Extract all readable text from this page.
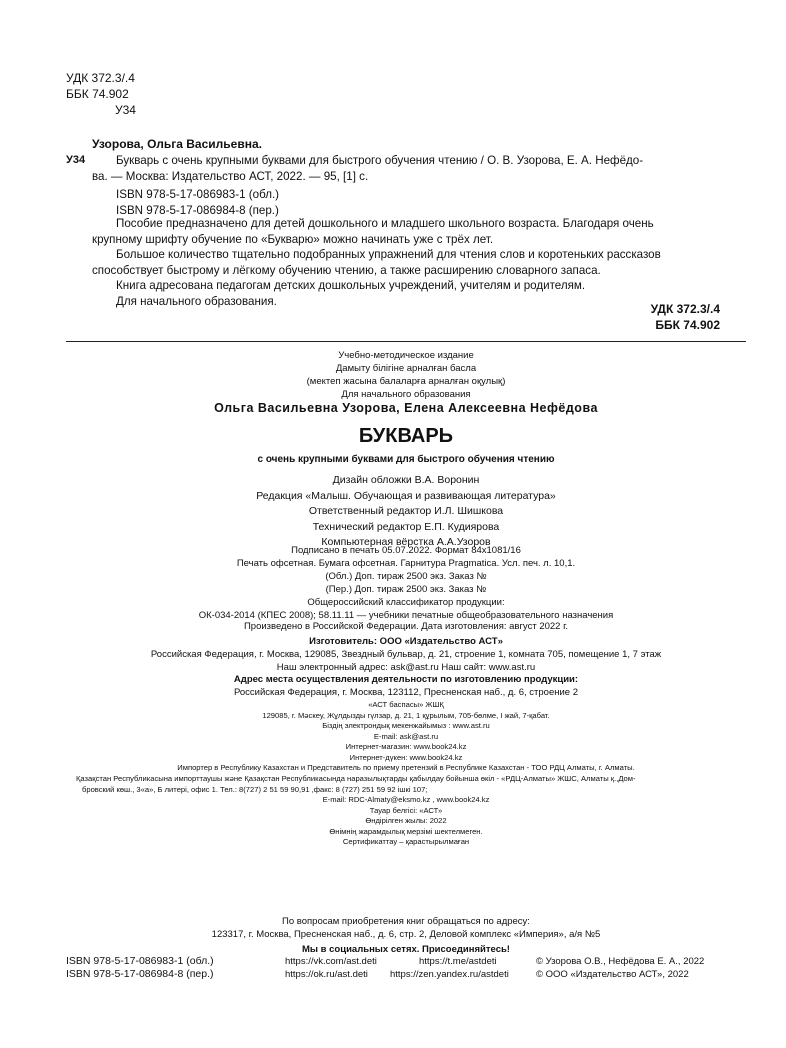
УДК 372.3/.4
ББК 74.902
У34
У34
Узорова, Ольга Васильевна.
Букварь с очень крупными буквами для быстрого обучения чтению / О. В. Узорова, Е. А. Нефёдо-
ва. — Москва: Издательство АСТ, 2022. — 95, [1] с.
ISBN 978-5-17-086983-1 (обл.)
ISBN 978-5-17-086984-8 (пер.)
Пособие предназначено для детей дошкольного и младшего школьного возраста. Благодаря очень
крупному шрифту обучение по «Букварю» можно начинать уже с трёх лет.
Большое количество тщательно подобранных упражнений для чтения слов и коротеньких рассказов
способствует быстрому и лёгкому обучению чтению, а также расширению словарного запаса.
Книга адресована педагогам детских дошкольных учреждений, учителям и родителям.
Для начального образования.
УДК 372.3/.4
ББК 74.902
Учебно-методическое издание
Дамыту білігіне арналған басла
(мектеп жасына балаларға арналған оқулық)
Для начального образования
Ольга Васильевна Узорова, Елена Алексеевна Нефёдова
БУКВАРЬ
с очень крупными буквами для быстрого обучения чтению
Дизайн обложки В.А. Воронин
Редакция «Малыш. Обучающая и развивающая литература»
Ответственный редактор И.Л. Шишкова
Технический редактор Е.П. Кудиярова
Компьютерная вёрстка А.А.Узоров
Подписано в печать 05.07.2022. Формат 84х1081/16
Печать офсетная. Бумага офсетная. Гарнитура Pragmatica. Усл. печ. л. 10,1.
(Обл.) Доп. тираж 2500 экз. Заказ №
(Пер.) Доп. тираж 2500 экз. Заказ №
Общероссийский классификатор продукции:
ОК-034-2014 (КПЕС 2008); 58.11.11 — учебники печатные общеобразовательного назначения
Произведено в Российской Федерации. Дата изготовления: август 2022 г.
Изготовитель: ООО «Издательство АСТ»
Российская Федерация, г. Москва, 129085, Звездный бульвар, д. 21, строение 1, комната 705, помещение 1, 7 этаж
Наш электронный адрес: ask@ast.ru Наш сайт: www.ast.ru
Адрес места осуществления деятельности по изготовлению продукции:
Российская Федерация, г. Москва, 123112, Пресненская наб., д. 6, строение 2
«АСТ баспасы» ЖШҚ
129085, г. Мәскеу, Жұлдызды гүлзар, д. 21, 1 құрылым, 705-бөлме, I жай, 7-қабат.
Біздің электрондық мекенжайымыз : www.ast.ru
E-mail: ask@ast.ru
Интернет-магазин: www.book24.kz
Интернет-дүкен: www.book24.kz
Импортер в Республику Казахстан и Представитель по приему претензий в Республике Казахстан - ТОО РДЦ Алматы, г. Алматы.
Қазақстан Республикасына импорттаушы және Қазақстан Республикасында наразылықтарды қабылдау бойынша өкіл - «РДЦ-Алматы» ЖШС, Алматы қ.,Дом-
бровский көш., 3«а», Б литері, офис 1. Тел.: 8(727) 2 51 59 90,91 ,факс: 8 (727) 251 59 92 ішкі 107;
E-mail: RDC-Almaty@eksmo.kz , www.book24.kz
Тауар белгісі: «АСТ»
Өндірілген жылы: 2022
Өнімнің жарамдылық мерзімі шектелмеген.
Сертификаттау – қарастырылмаған
По вопросам приобретения книг обращаться по адресу:
123317, г. Москва, Пресненская наб., д. 6, стр. 2, Деловой комплекс «Империя», а/я №5
Мы в социальных сетях. Присоединяйтесь!
ISBN 978-5-17-086983-1 (обл.)
ISBN 978-5-17-086984-8 (пер.)
https://vk.com/ast.deti
https://ok.ru/ast.deti
https://t.me/astdeti
https://zen.yandex.ru/astdeti
© Узорова О.В., Нефёдова Е. А., 2022
© ООО «Издательство АСТ», 2022
